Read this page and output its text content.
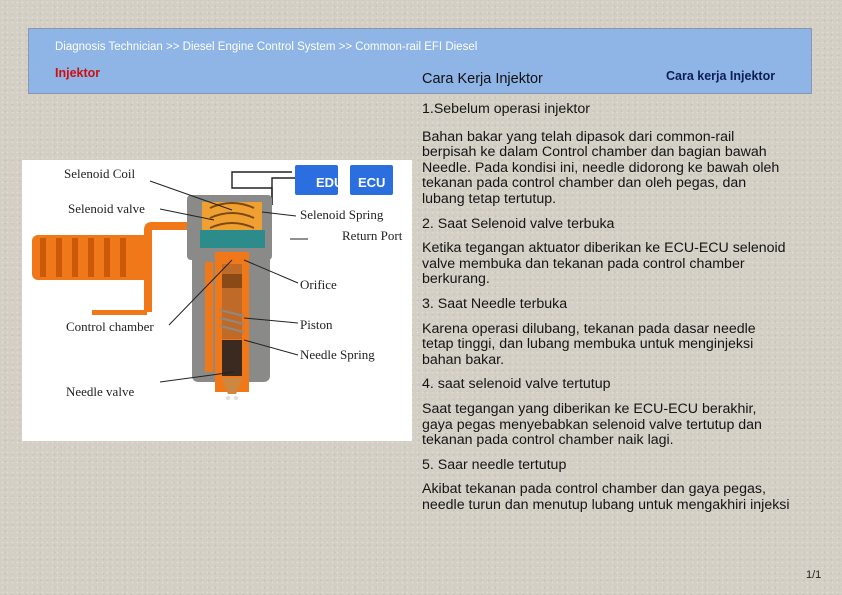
Diagnosis Technician >> Diesel Engine Control System >> Common-rail EFI Diesel
Injektor	Cara kerja Injektor
Cara Kerja Injektor
EDU ECU
Selenoid Coil
Selenoid valve	Selenoid Spring
Return Port
Orifice
Control chamber	Piston
Needle Spring
Needle valve

1.Sebelum operasi injektor

Bahan bakar yang telah dipasok dari common-rail
berpisah ke dalam Control chamber dan bagian bawah
Needle. Pada kondisi ini, needle didorong ke bawah oleh
tekanan pada control chamber dan oleh pegas, dan
lubang tetap tertutup.

2. Saat Selenoid valve terbuka

Ketika tegangan aktuator diberikan ke ECU-ECU selenoid
valve membuka dan tekanan pada control chamber
berkurang.

3. Saat Needle terbuka

Karena operasi dilubang, tekanan pada dasar needle
tetap tinggi, dan lubang membuka untuk menginjeksi
bahan bakar.

4. saat selenoid valve tertutup

Saat tegangan yang diberikan ke ECU-ECU berakhir,
gaya pegas menyebabkan selenoid valve tertutup dan
tekanan pada control chamber naik lagi.

5. Saar needle tertutup

Akibat tekanan pada control chamber dan gaya pegas,
needle turun dan menutup lubang untuk mengakhiri injeksi

1/1
